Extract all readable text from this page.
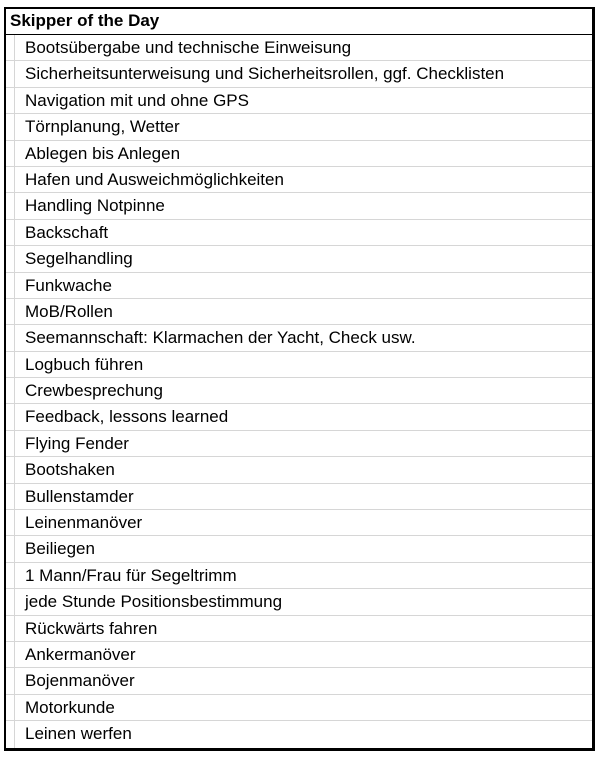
Skipper of the Day
Bootsübergabe und technische Einweisung
Sicherheitsunterweisung und Sicherheitsrollen, ggf. Checklisten
Navigation mit und ohne GPS
Törnplanung, Wetter
Ablegen bis Anlegen
Hafen und Ausweichmöglichkeiten
Handling Notpinne
Backschaft
Segelhandling
Funkwache
MoB/Rollen
Seemannschaft: Klarmachen der Yacht, Check usw.
Logbuch führen
Crewbesprechung
Feedback, lessons learned
Flying Fender
Bootshaken
Bullenstamder
Leinenmanöver
Beiliegen
1 Mann/Frau für Segeltrimm
jede Stunde Positionsbestimmung
Rückwärts fahren
Ankermanöver
Bojenmanöver
Motorkunde
Leinen werfen
